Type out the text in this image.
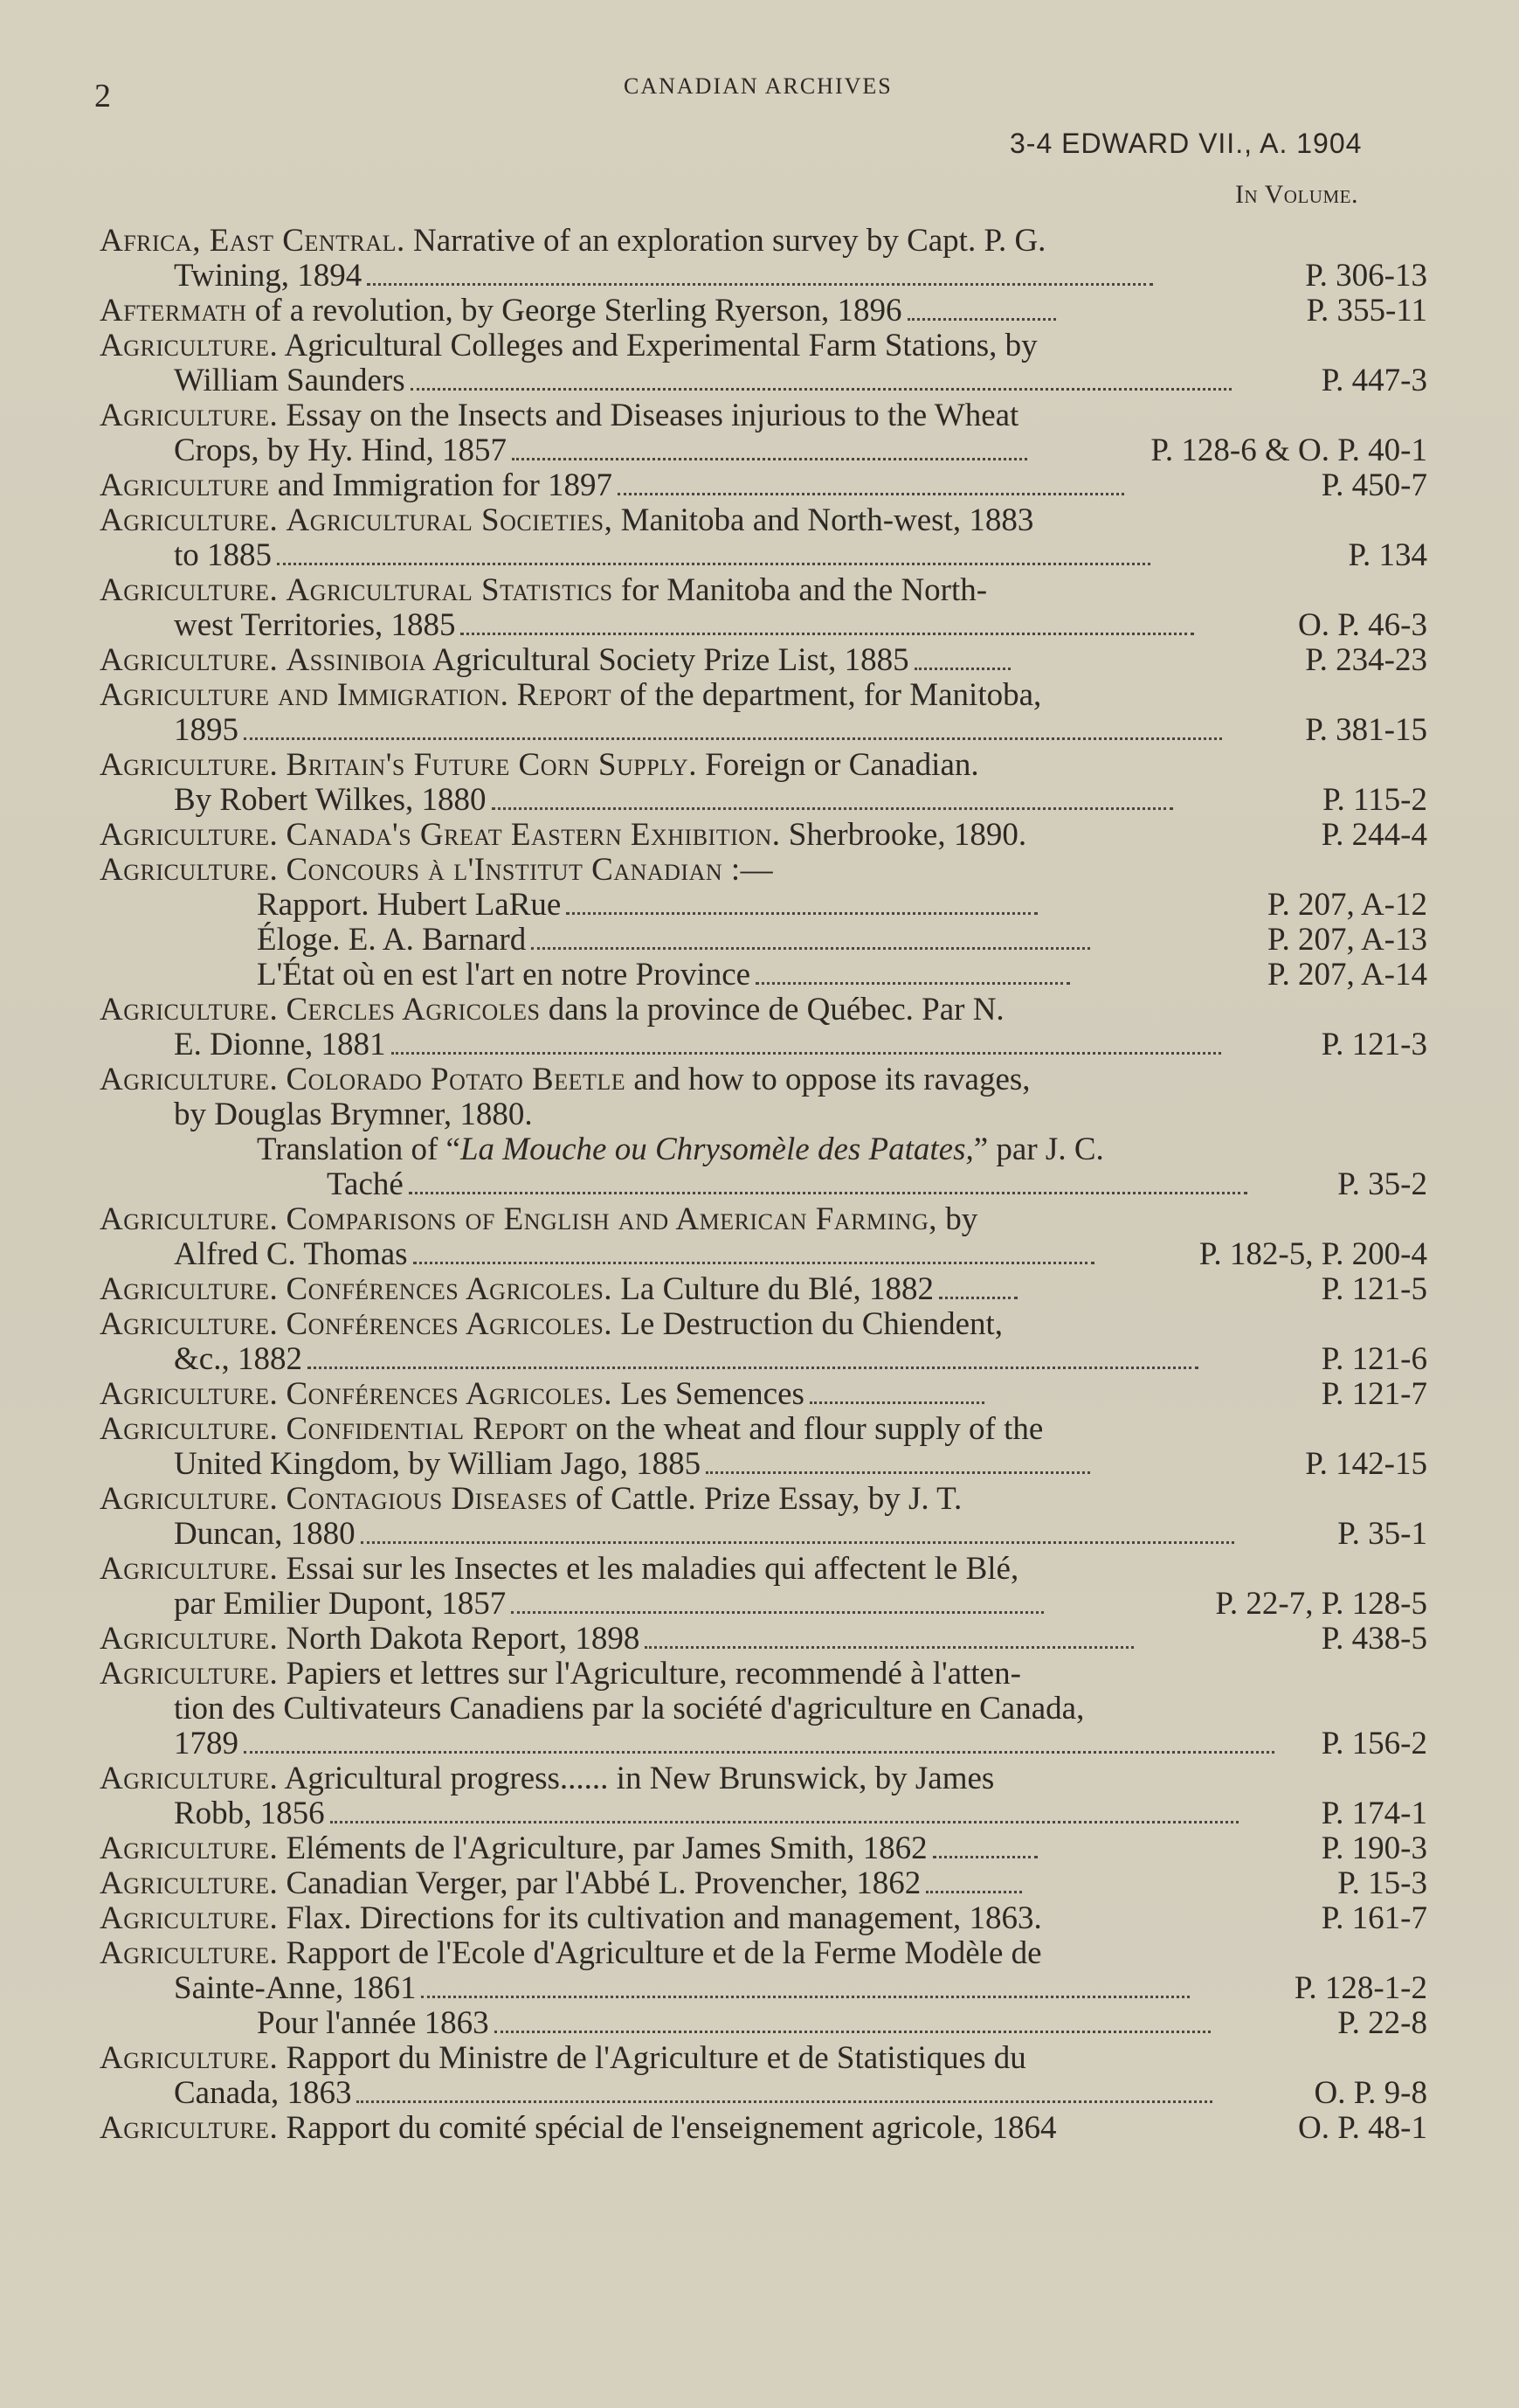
2	CANADIAN ARCHIVES
3-4 EDWARD VII., A. 1904
In Volume.
Africa, East Central. Narrative of an exploration survey by Capt. P. G.
Twining, 1894	P. 306-13
Aftermath of a revolution, by George Sterling Ryerson, 1896	P. 355-11
Agriculture. Agricultural Colleges and Experimental Farm Stations, by
William Saunders	P. 447-3
Agriculture. Essay on the Insects and Diseases injurious to the Wheat
Crops, by Hy. Hind, 1857	P. 128-6 & O. P. 40-1
Agriculture and Immigration for 1897	P. 450-7
Agriculture. Agricultural Societies, Manitoba and North-west, 1883
to 1885	P. 134
Agriculture. Agricultural Statistics for Manitoba and the North-
west Territories, 1885	O. P. 46-3
Agriculture. Assiniboia Agricultural Society Prize List, 1885	P. 234-23
Agriculture and Immigration. Report of the department, for Manitoba,
1895	P. 381-15
Agriculture. Britain's Future Corn Supply. Foreign or Canadian.
By Robert Wilkes, 1880	P. 115-2
Agriculture. Canada's Great Eastern Exhibition. Sherbrooke, 1890.	P. 244-4
Agriculture. Concours à l'Institut Canadian :—
Rapport. Hubert LaRue	P. 207, A-12
Éloge. E. A. Barnard	P. 207, A-13
L'État où en est l'art en notre Province	P. 207, A-14
Agriculture. Cercles Agricoles dans la province de Québec. Par N.
E. Dionne, 1881	P. 121-3
Agriculture. Colorado Potato Beetle and how to oppose its ravages,
by Douglas Brymner, 1880.
Translation of “La Mouche ou Chrysomèle des Patates,” par J. C.
Taché	P. 35-2
Agriculture. Comparisons of English and American Farming, by
Alfred C. Thomas	P. 182-5, P. 200-4
Agriculture. Conférences Agricoles. La Culture du Blé, 1882	P. 121-5
Agriculture. Conférences Agricoles. Le Destruction du Chiendent,
&c., 1882	P. 121-6
Agriculture. Conférences Agricoles. Les Semences	P. 121-7
Agriculture. Confidential Report on the wheat and flour supply of the
United Kingdom, by William Jago, 1885	P. 142-15
Agriculture. Contagious Diseases of Cattle. Prize Essay, by J. T.
Duncan, 1880	P. 35-1
Agriculture. Essai sur les Insectes et les maladies qui affectent le Blé,
par Emilier Dupont, 1857	P. 22-7, P. 128-5
Agriculture. North Dakota Report, 1898	P. 438-5
Agriculture. Papiers et lettres sur l'Agriculture, recommendé à l'atten-
tion des Cultivateurs Canadiens par la société d'agriculture en Canada,
1789	P. 156-2
Agriculture. Agricultural progress...... in New Brunswick, by James
Robb, 1856	P. 174-1
Agriculture. Eléments de l'Agriculture, par James Smith, 1862	P. 190-3
Agriculture. Canadian Verger, par l'Abbé L. Provencher, 1862	P. 15-3
Agriculture. Flax. Directions for its cultivation and management, 1863.	P. 161-7
Agriculture. Rapport de l'Ecole d'Agriculture et de la Ferme Modèle de
Sainte-Anne, 1861	P. 128-1-2
Pour l'année 1863	P. 22-8
Agriculture. Rapport du Ministre de l'Agriculture et de Statistiques du
Canada, 1863	O. P. 9-8
Agriculture. Rapport du comité spécial de l'enseignement agricole, 1864	O. P. 48-1
